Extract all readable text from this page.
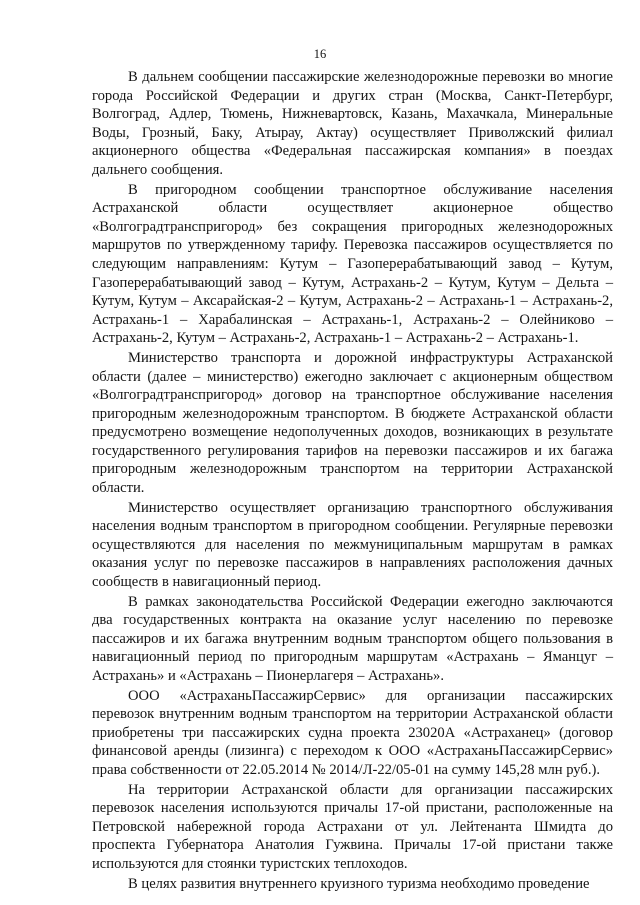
16

В дальнем сообщении пассажирские железнодорожные перевозки во многие города Российской Федерации и других стран (Москва, Санкт-Петербург, Волгоград, Адлер, Тюмень, Нижневартовск, Казань, Махачкала, Минеральные Воды, Грозный, Баку, Атырау, Актау) осуществляет Приволжский филиал акционерного общества «Федеральная пассажирская компания» в поездах дальнего сообщения.

В пригородном сообщении транспортное обслуживание населения Астраханской области осуществляет акционерное общество «Волгоградтранспригород» без сокращения пригородных железнодорожных маршрутов по утвержденному тарифу. Перевозка пассажиров осуществляется по следующим направлениям: Кутум – Газоперерабатывающий завод – Кутум, Газоперерабатывающий завод – Кутум, Астрахань-2 – Кутум, Кутум – Дельта – Кутум, Кутум – Аксарайская-2 – Кутум, Астрахань-2 – Астрахань-1 – Астрахань-2, Астрахань-1 – Харабалинская – Астрахань-1, Астрахань-2 – Олейниково – Астрахань-2, Кутум – Астрахань-2, Астрахань-1 – Астрахань-2 – Астрахань-1.

Министерство транспорта и дорожной инфраструктуры Астраханской области (далее – министерство) ежегодно заключает с акционерным обществом «Волгоградтранспригород» договор на транспортное обслуживание населения пригородным железнодорожным транспортом. В бюджете Астраханской области предусмотрено возмещение недополученных доходов, возникающих в результате государственного регулирования тарифов на перевозки пассажиров и их багажа пригородным железнодорожным транспортом на территории Астраханской области.

Министерство осуществляет организацию транспортного обслуживания населения водным транспортом в пригородном сообщении. Регулярные перевозки осуществляются для населения по межмуниципальным маршрутам в рамках оказания услуг по перевозке пассажиров в направлениях расположения дачных сообществ в навигационный период.

В рамках законодательства Российской Федерации ежегодно заключаются два государственных контракта на оказание услуг населению по перевозке пассажиров и их багажа внутренним водным транспортом общего пользования в навигационный период по пригородным маршрутам «Астрахань – Яманцуг – Астрахань» и «Астрахань – Пионерлагеря – Астрахань».

ООО «АстраханьПассажирСервис» для организации пассажирских перевозок внутренним водным транспортом на территории Астраханской области приобретены три пассажирских судна проекта 23020А «Астраханец» (договор финансовой аренды (лизинга) с переходом к ООО «АстраханьПассажирСервис» права собственности от 22.05.2014 № 2014/Л-22/05-01 на сумму 145,28 млн руб.).

На территории Астраханской области для организации пассажирских перевозок населения используются причалы 17-ой пристани, расположенные на Петровской набережной города Астрахани от ул. Лейтенанта Шмидта до проспекта Губернатора Анатолия Гужвина. Причалы 17-ой пристани также используются для стоянки туристских теплоходов.

В целях развития внутреннего круизного туризма необходимо проведение
